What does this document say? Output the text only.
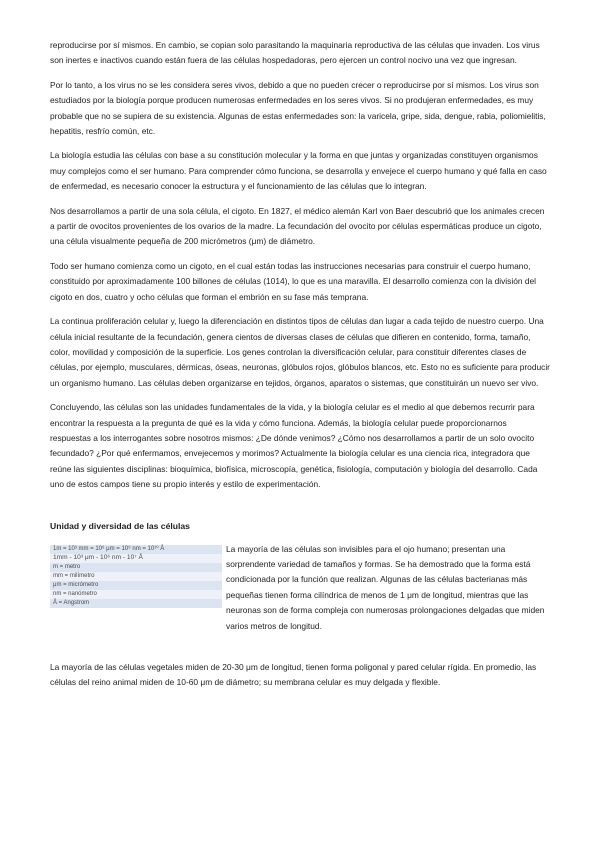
reproducirse por sí mismos. En cambio, se copian solo parasitando la maquinaria reproductiva de las células que invaden. Los virus son inertes e inactivos cuando están fuera de las células hospedadoras, pero ejercen un control nocivo una vez que ingresan.

Por lo tanto, a los virus no se les considera seres vivos, debido a que no pueden crecer o reproducirse por sí mismos. Los virus son estudiados por la biología porque producen numerosas enfermedades en los seres vivos. Si no produjeran enfermedades, es muy probable que no se supiera de su existencia. Algunas de estas enfermedades son: la varicela, gripe, sida, dengue, rabia, poliomielitis, hepatitis, resfrío común, etc.

La biología estudia las células con base a su constitución molecular y la forma en que juntas y organizadas constituyen organismos muy complejos como el ser humano. Para comprender cómo funciona, se desarrolla y envejece el cuerpo humano y qué falla en caso de enfermedad, es necesario conocer la estructura y el funcionamiento de las células que lo integran.

Nos desarrollamos a partir de una sola célula, el cigoto. En 1827, el médico alemán Karl von Baer descubrió que los animales crecen a partir de ovocitos provenientes de los ovarios de la madre. La fecundación del ovocito por células espermáticas produce un cigoto, una célula visualmente pequeña de 200 micrómetros (μm) de diámetro.

Todo ser humano comienza como un cigoto, en el cual están todas las instrucciones necesarias para construir el cuerpo humano, constituido por aproximadamente 100 billones de células (1014), lo que es una maravilla. El desarrollo comienza con la división del cigoto en dos, cuatro y ocho células que forman el embrión en su fase más temprana.

La continua proliferación celular y, luego la diferenciación en distintos tipos de células dan lugar a cada tejido de nuestro cuerpo. Una célula inicial resultante de la fecundación, genera cientos de diversas clases de células que difieren en contenido, forma, tamaño, color, movilidad y composición de la superficie. Los genes controlan la diversificación celular, para constituir diferentes clases de células, por ejemplo, musculares, dérmicas, óseas, neuronas, glóbulos rojos, glóbulos blancos, etc. Esto no es suficiente para producir un organismo humano. Las células deben organizarse en tejidos, órganos, aparatos o sistemas, que constituirán un nuevo ser vivo.

Concluyendo, las células son las unidades fundamentales de la vida, y la biología celular es el medio al que debemos recurrir para encontrar la respuesta a la pregunta de qué es la vida y cómo funciona. Además, la biología celular puede proporcionarnos respuestas a los interrogantes sobre nosotros mismos: ¿De dónde venimos? ¿Cómo nos desarrollamos a partir de un solo ovocito fecundado? ¿Por qué enfermamos, envejecemos y morimos? Actualmente la biología celular es una ciencia rica, integradora que reúne las siguientes disciplinas: bioquímica, biofísica, microscopía, genética, fisiología, computación y biología del desarrollo. Cada uno de estos campos tiene su propio interés y estilo de experimentación.

Unidad y diversidad de las células
1m = 10³ mm = 10⁶ μm = 10⁹ nm = 10¹⁰ Å
1mm ‑ 10³ μm ‑ 10⁶ nm ‑ 10⁷ Å
m = metro
mm = milímetro
μm = micrómetro
nm = nanómetro
Å = Angstrom

La mayoría de las células son invisibles para el ojo humano; presentan una sorprendente variedad de tamaños y formas. Se ha demostrado que la forma está condicionada por la función que realizan. Algunas de las células bacterianas más pequeñas tienen forma cilíndrica de menos de 1 μm de longitud, mientras que las neuronas son de forma compleja con numerosas prolongaciones delgadas que miden varios metros de longitud.

La mayoría de las células vegetales miden de 20‑30 μm de longitud, tienen forma poligonal y pared celular rígida. En promedio, las células del reino animal miden de 10‑60 μm de diámetro; su membrana celular es muy delgada y flexible.
